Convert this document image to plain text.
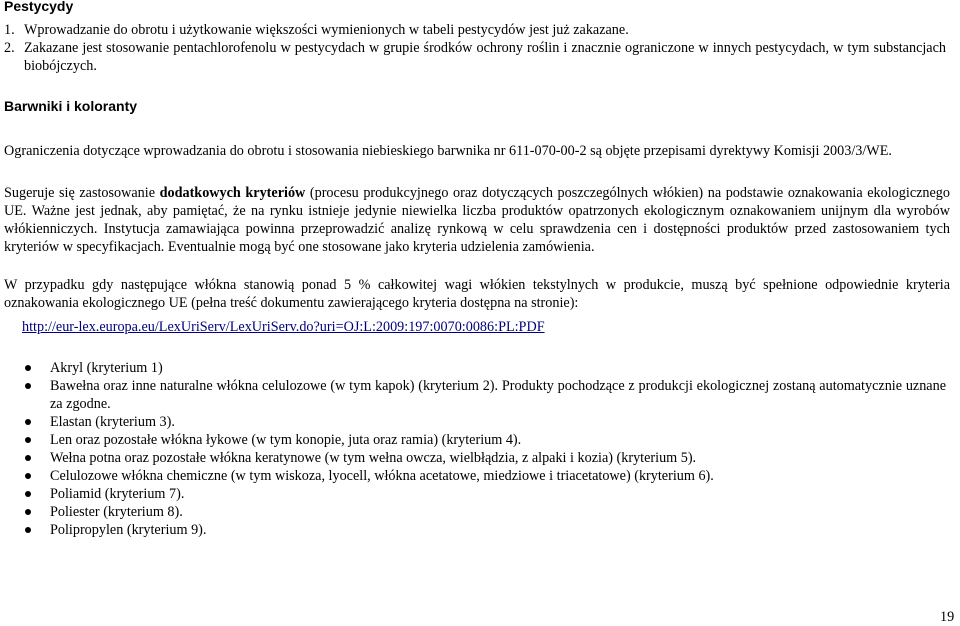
Pestycydy
1. Wprowadzanie do obrotu i użytkowanie większości wymienionych w tabeli pestycydów jest już zakazane.
2. Zakazane jest stosowanie pentachlorofenolu w pestycydach w grupie środków ochrony roślin i znacznie ograniczone w innych pestycydach, w tym substancjach biobójczych.
Barwniki i koloranty
Ograniczenia dotyczące wprowadzania do obrotu i stosowania niebieskiego barwnika nr 611-070-00-2 są objęte przepisami dyrektywy Komisji 2003/3/WE.
Sugeruje się zastosowanie dodatkowych kryteriów (procesu produkcyjnego oraz dotyczących poszczególnych włókien) na podstawie oznakowania ekologicznego UE. Ważne jest jednak, aby pamiętać, że na rynku istnieje jedynie niewielka liczba produktów opatrzonych ekologicznym oznakowaniem unijnym dla wyrobów włókienniczych. Instytucja zamawiająca powinna przeprowadzić analizę rynkową w celu sprawdzenia cen i dostępności produktów przed zastosowaniem tych kryteriów w specyfikacjach. Eventualnie mogą być one stosowane jako kryteria udzielenia zamówienia.
W przypadku gdy następujące włókna stanowią ponad 5 % całkowitej wagi włókien tekstylnych w produkcie, muszą być spełnione odpowiednie kryteria oznakowania ekologicznego UE (pełna treść dokumentu zawierającego kryteria dostępna na stronie):
http://eur-lex.europa.eu/LexUriServ/LexUriServ.do?uri=OJ:L:2009:197:0070:0086:PL:PDF
Akryl (kryterium 1)
Bawełna oraz inne naturalne włókna celulozowe (w tym kapok) (kryterium 2). Produkty pochodzące z produkcji ekologicznej zostaną automatycznie uznane za zgodne.
Elastan (kryterium 3).
Len oraz pozostałe włókna łykowe (w tym konopie, juta oraz ramia) (kryterium 4).
Wełna potna oraz pozostałe włókna keratynowe (w tym wełna owcza, wielbłądzia, z alpaki i kozia) (kryterium 5).
Celulozowe włókna chemiczne (w tym wiskoza, lyocell, włókna acetatowe, miedziowe i triacetatowe) (kryterium 6).
Poliamid (kryterium 7).
Poliester (kryterium 8).
Polipropylen (kryterium 9).
19
